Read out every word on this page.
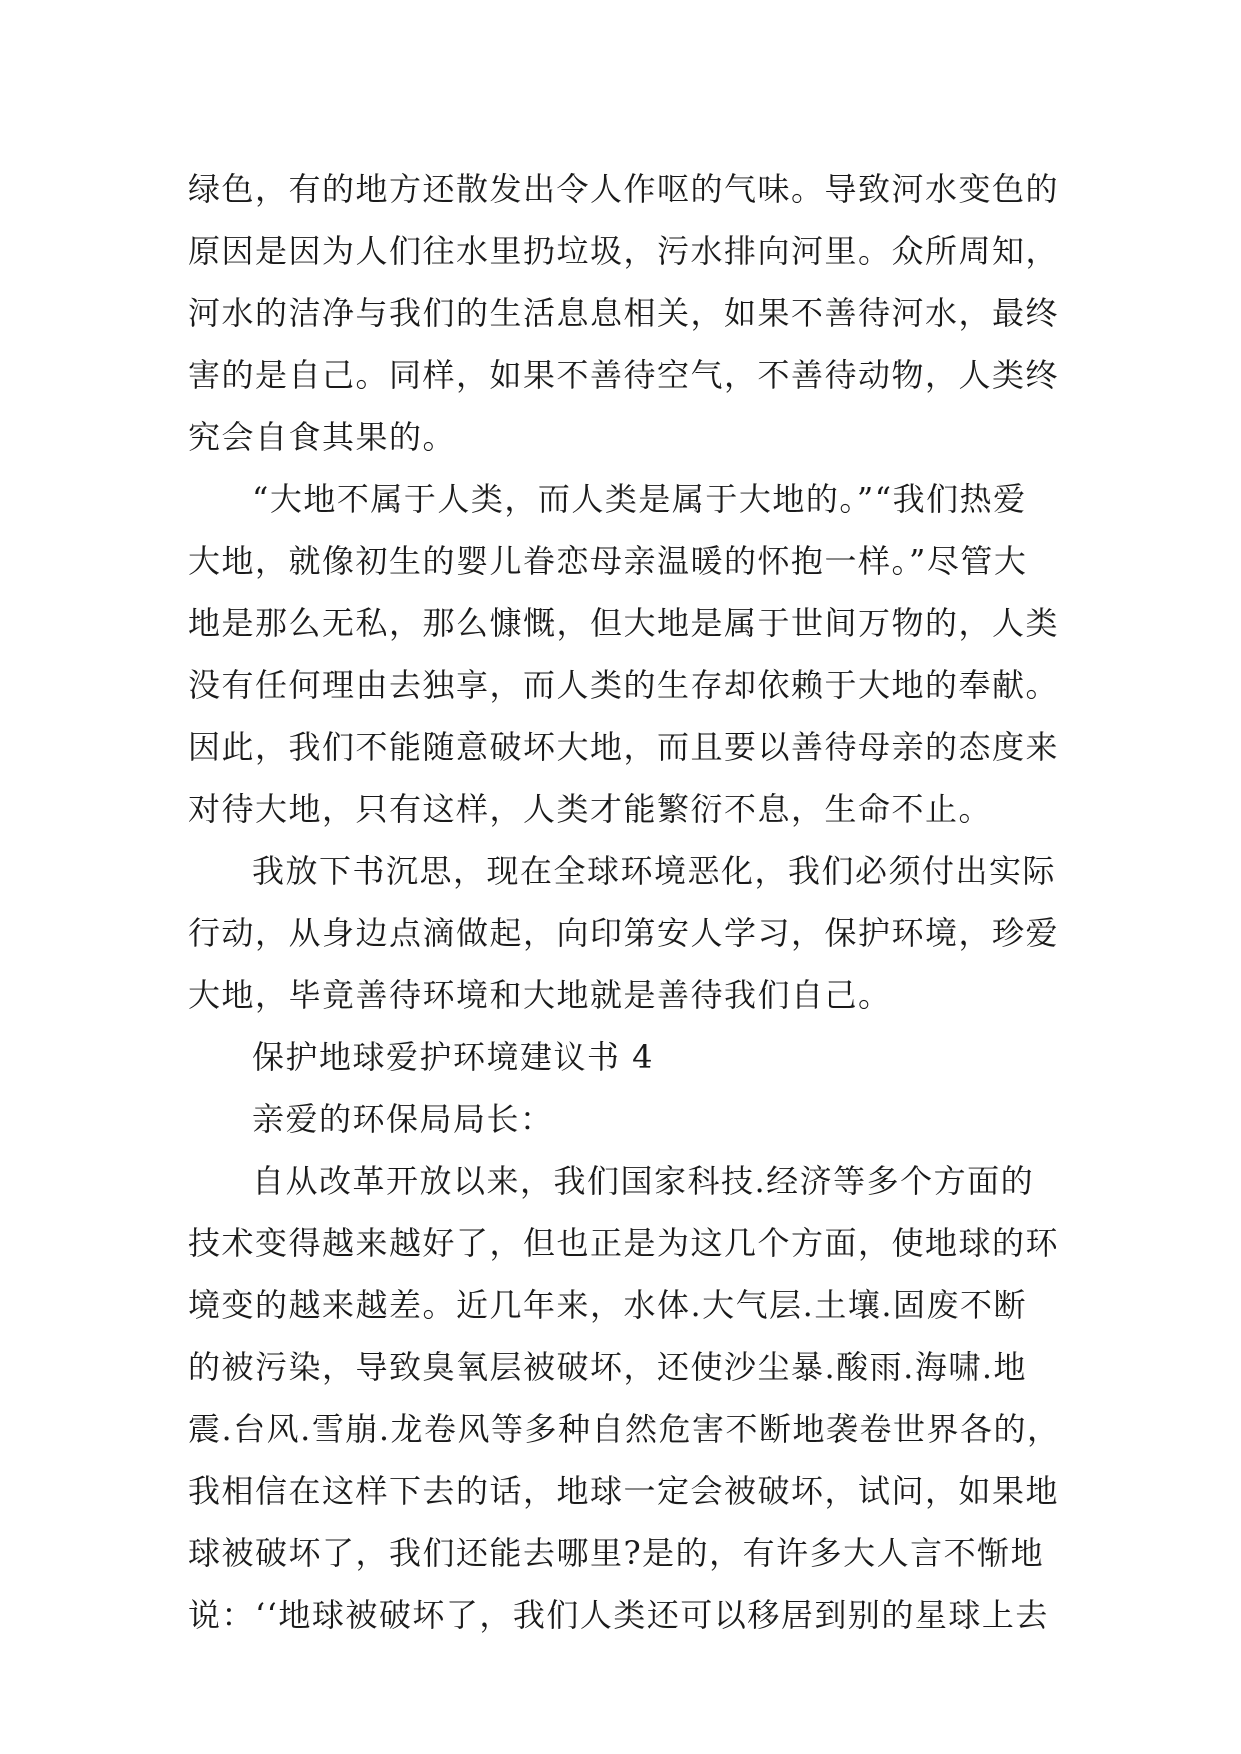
绿色，有的地方还散发出令人作呕的气味。导致河水变色的
原因是因为人们往水里扔垃圾，污水排向河里。众所周知，
河水的洁净与我们的生活息息相关，如果不善待河水，最终
害的是自己。同样，如果不善待空气，不善待动物，人类终
究会自食其果的。
“大地不属于人类，而人类是属于大地的。”“我们热爱
大地，就像初生的婴儿眷恋母亲温暖的怀抱一样。”尽管大
地是那么无私，那么慷慨，但大地是属于世间万物的，人类
没有任何理由去独享，而人类的生存却依赖于大地的奉献。
因此，我们不能随意破坏大地，而且要以善待母亲的态度来
对待大地，只有这样，人类才能繁衍不息，生命不止。
我放下书沉思，现在全球环境恶化，我们必须付出实际
行动，从身边点滴做起，向印第安人学习，保护环境，珍爱
大地，毕竟善待环境和大地就是善待我们自己。
保护地球爱护环境建议书 4
亲爱的环保局局长：
自从改革开放以来，我们国家科技.经济等多个方面的
技术变得越来越好了，但也正是为这几个方面，使地球的环
境变的越来越差。近几年来，水体.大气层.土壤.固废不断
的被污染，导致臭氧层被破坏，还使沙尘暴.酸雨.海啸.地
震.台风.雪崩.龙卷风等多种自然危害不断地袭卷世界各的，
我相信在这样下去的话，地球一定会被破坏，试问，如果地
球被破坏了，我们还能去哪里?是的，有许多大人言不惭地
说：‘‘地球被破坏了，我们人类还可以移居到别的星球上去
